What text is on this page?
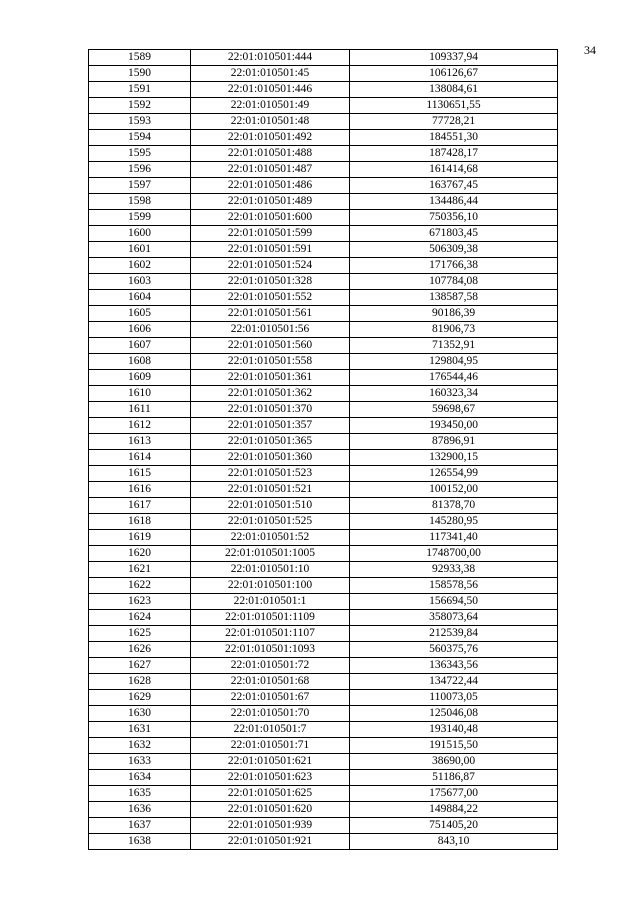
34
1589	22:01:010501:444	109337,94
1590	22:01:010501:45	106126,67
1591	22:01:010501:446	138084,61
1592	22:01:010501:49	1130651,55
1593	22:01:010501:48	77728,21
1594	22:01:010501:492	184551,30
1595	22:01:010501:488	187428,17
1596	22:01:010501:487	161414,68
1597	22:01:010501:486	163767,45
1598	22:01:010501:489	134486,44
1599	22:01:010501:600	750356,10
1600	22:01:010501:599	671803,45
1601	22:01:010501:591	506309,38
1602	22:01:010501:524	171766,38
1603	22:01:010501:328	107784,08
1604	22:01:010501:552	138587,58
1605	22:01:010501:561	90186,39
1606	22:01:010501:56	81906,73
1607	22:01:010501:560	71352,91
1608	22:01:010501:558	129804,95
1609	22:01:010501:361	176544,46
1610	22:01:010501:362	160323,34
1611	22:01:010501:370	59698,67
1612	22:01:010501:357	193450,00
1613	22:01:010501:365	87896,91
1614	22:01:010501:360	132900,15
1615	22:01:010501:523	126554,99
1616	22:01:010501:521	100152,00
1617	22:01:010501:510	81378,70
1618	22:01:010501:525	145280,95
1619	22:01:010501:52	117341,40
1620	22:01:010501:1005	1748700,00
1621	22:01:010501:10	92933,38
1622	22:01:010501:100	158578,56
1623	22:01:010501:1	156694,50
1624	22:01:010501:1109	358073,64
1625	22:01:010501:1107	212539,84
1626	22:01:010501:1093	560375,76
1627	22:01:010501:72	136343,56
1628	22:01:010501:68	134722,44
1629	22:01:010501:67	110073,05
1630	22:01:010501:70	125046,08
1631	22:01:010501:7	193140,48
1632	22:01:010501:71	191515,50
1633	22:01:010501:621	38690,00
1634	22:01:010501:623	51186,87
1635	22:01:010501:625	175677,00
1636	22:01:010501:620	149884,22
1637	22:01:010501:939	751405,20
1638	22:01:010501:921	843,10
